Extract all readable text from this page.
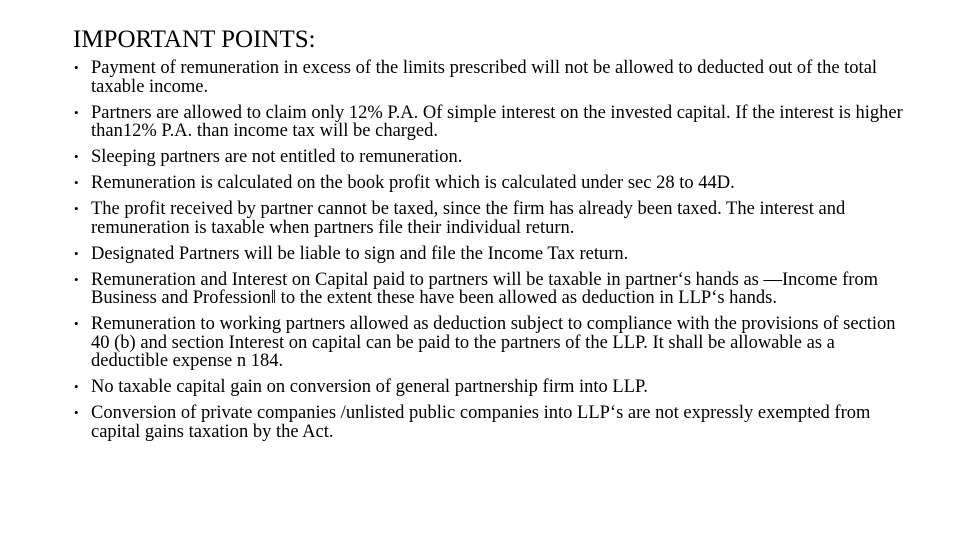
IMPORTANT POINTS:
• Payment of remuneration in excess of the limits prescribed will not be allowed to deducted out of the total taxable income.
• Partners are allowed to claim only 12% P.A. Of simple interest on the invested capital. If the interest is higher than12% P.A. than income tax will be charged.
• Sleeping partners are not entitled to remuneration.
• Remuneration is calculated on the book profit which is calculated under sec 28 to 44D.
• The profit received by partner cannot be taxed, since the firm has already been taxed. The interest and remuneration is taxable when partners file their individual return.
• Designated Partners will be liable to sign and file the Income Tax return.
• Remuneration and Interest on Capital paid to partners will be taxable in partner‘s hands as ―Income from Business and Profession‖ to the extent these have been allowed as deduction in LLP‘s hands.
• Remuneration to working partners allowed as deduction subject to compliance with the provisions of section 40 (b) and section Interest on capital can be paid to the partners of the LLP. It shall be allowable as a deductible expense n 184.
• No taxable capital gain on conversion of general partnership firm into LLP.
• Conversion of private companies /unlisted public companies into LLP‘s are not expressly exempted from capital gains taxation by the Act.
